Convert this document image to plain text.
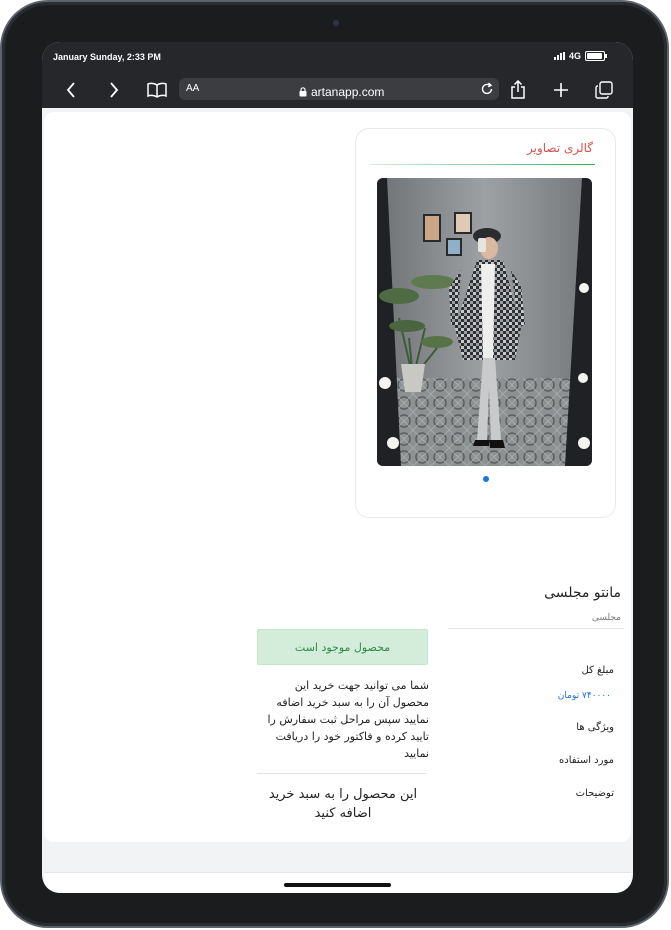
January Sunday, 2:33 PM	4G
AA	artanapp.com
گالری تصاویر
مانتو مجلسی
مجلسی
محصول موجود است
شما می توانید جهت خرید این محصول آن را به سبد خرید اضافه نمایید سپس مراحل ثبت سفارش را تایید کرده و فاکتور خود را دریافت نمایید
این محصول را به سبد خرید اضافه کنید
مبلغ کل
۷۴۰۰۰۰ تومان
ویژگی ها
مورد استفاده
توضیحات
